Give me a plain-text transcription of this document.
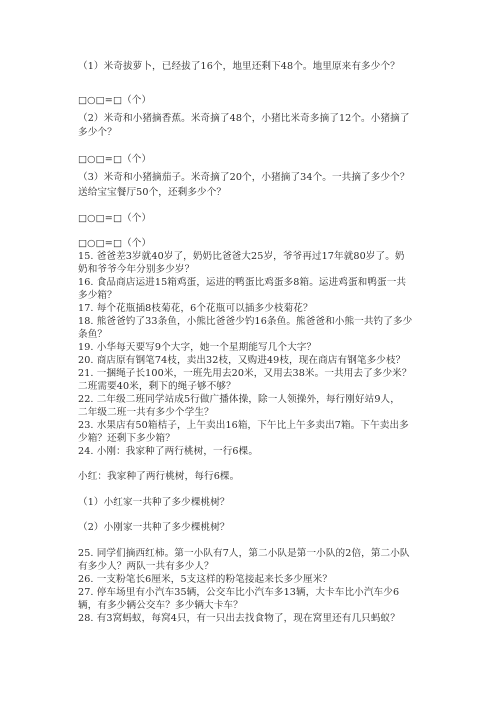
（1）米奇拔萝卜，已经拔了16个，地里还剩下48个。地里原来有多少个？
□○□=□（个）
（2）米奇和小猪摘香蕉。米奇摘了48个，小猪比米奇多摘了12个。小猪摘了
多少个？
□○□=□（个）
（3）米奇和小猪摘茄子。米奇摘了20个，小猪摘了34个。一共摘了多少个？
送给宝宝餐厅50个，还剩多少个？
□○□=□（个）
□○□=□（个）
15. 爸爸差3岁就40岁了，奶奶比爸爸大25岁，爷爷再过17年就80岁了。奶
奶和爷爷今年分别多少岁？
16. 食品商店运进15箱鸡蛋，运进的鸭蛋比鸡蛋多8箱。运进鸡蛋和鸭蛋一共
多少箱？
17. 每个花瓶插8枝菊花，6个花瓶可以插多少枝菊花？
18. 熊爸爸钓了33条鱼，小熊比爸爸少钓16条鱼。熊爸爸和小熊一共钓了多少
条鱼？
19. 小华每天要写9个大字，她一个星期能写几个大字？
20. 商店原有钢笔74枝，卖出32枝，又购进49枝，现在商店有钢笔多少枝？
21. 一捆绳子长100米，一班先用去20米，又用去38米。一共用去了多少米？
二班需要40米，剩下的绳子够不够？
22. 二年级二班同学站成5行做广播体操，除一人领操外，每行刚好站9人，
二年级二班一共有多少个学生？
23. 水果店有50箱桔子，上午卖出16箱，下午比上午多卖出7箱。下午卖出多
少箱？还剩下多少箱？
24. 小刚：我家种了两行桃树，一行6棵。
小红：我家种了两行桃树，每行6棵。
（1）小红家一共种了多少棵桃树？
（2）小刚家一共种了多少棵桃树？
25. 同学们摘西红柿。第一小队有7人，第二小队是第一小队的2倍，第二小队
有多少人？两队一共有多少人？
26. 一支粉笔长6厘米，5支这样的粉笔接起来长多少厘米？
27. 停车场里有小汽车35辆，公交车比小汽车多13辆，大卡车比小汽车少6
辆，有多少辆公交车？多少辆大卡车？
28. 有3窝蚂蚁，每窝4只，有一只出去找食物了，现在窝里还有几只蚂蚁？
